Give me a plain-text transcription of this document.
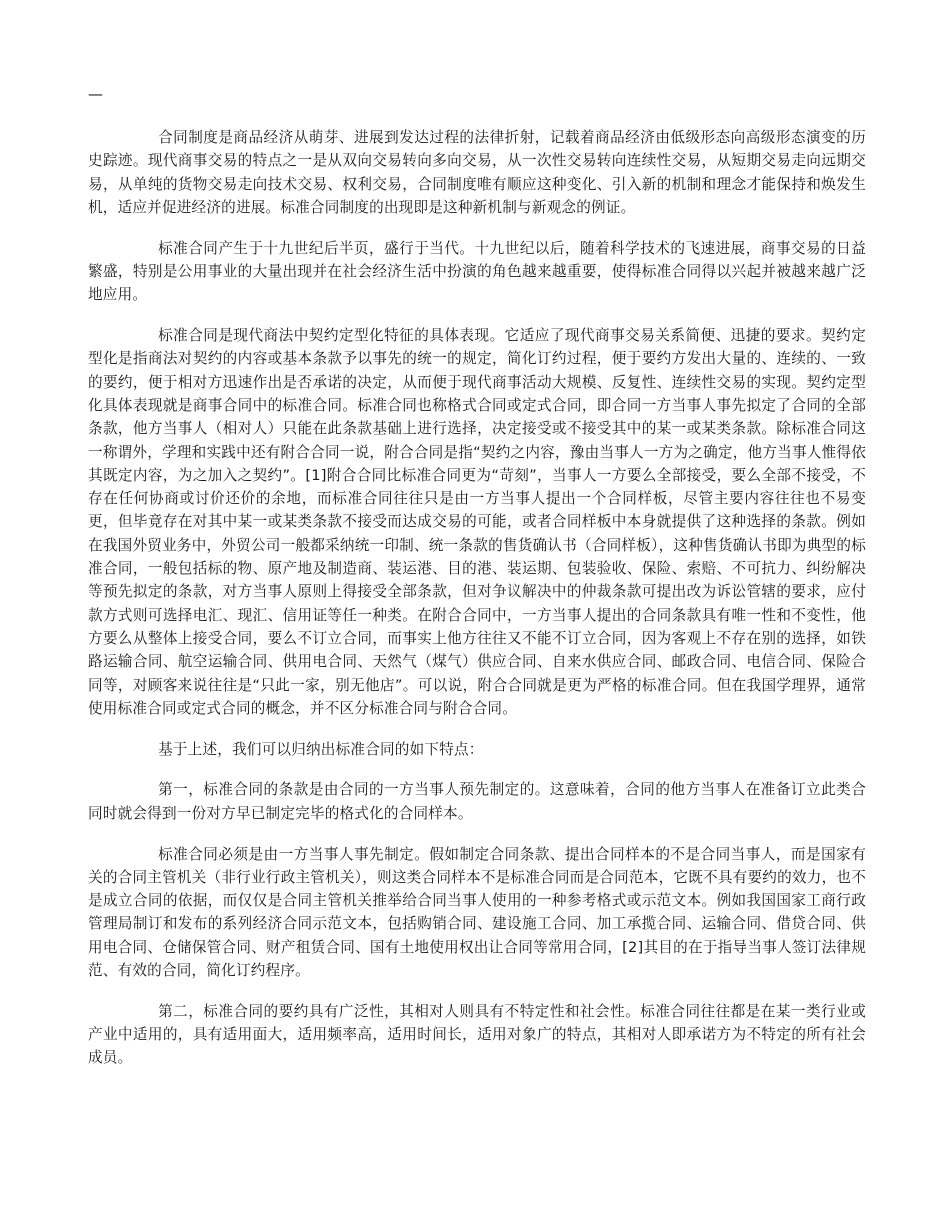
—

合同制度是商品经济从萌芽、进展到发达过程的法律折射，记载着商品经济由低级形态向高级形态演变的历史踪迹。现代商事交易的特点之一是从双向交易转向多向交易，从一次性交易转向连续性交易，从短期交易走向远期交易，从单纯的货物交易走向技术交易、权利交易，合同制度唯有顺应这种变化、引入新的机制和理念才能保持和焕发生机，适应并促进经济的进展。标准合同制度的出现即是这种新机制与新观念的例证。

标准合同产生于十九世纪后半页，盛行于当代。十九世纪以后，随着科学技术的飞速进展，商事交易的日益繁盛，特别是公用事业的大量出现并在社会经济生活中扮演的角色越来越重要，使得标准合同得以兴起并被越来越广泛地应用。

标准合同是现代商法中契约定型化特征的具体表现。它适应了现代商事交易关系简便、迅捷的要求。契约定型化是指商法对契约的内容或基本条款予以事先的统一的规定，简化订约过程，便于要约方发出大量的、连续的、一致的要约，便于相对方迅速作出是否承诺的决定，从而便于现代商事活动大规模、反复性、连续性交易的实现。契约定型化具体表现就是商事合同中的标准合同。标准合同也称格式合同或定式合同，即合同一方当事人事先拟定了合同的全部条款，他方当事人（相对人）只能在此条款基础上进行选择，决定接受或不接受其中的某一或某类条款。除标准合同这一称谓外，学理和实践中还有附合合同一说，附合合同是指“契约之内容，豫由当事人一方为之确定，他方当事人惟得依其既定内容，为之加入之契约”。[1]附合合同比标准合同更为“苛刻”，当事人一方要么全部接受，要么全部不接受，不存在任何协商或讨价还价的余地，而标准合同往往只是由一方当事人提出一个合同样板，尽管主要内容往往也不易变更，但毕竟存在对其中某一或某类条款不接受而达成交易的可能，或者合同样板中本身就提供了这种选择的条款。例如在我国外贸业务中，外贸公司一般都采纳统一印制、统一条款的售货确认书（合同样板），这种售货确认书即为典型的标准合同，一般包括标的物、原产地及制造商、装运港、目的港、装运期、包装验收、保险、索赔、不可抗力、纠纷解决等预先拟定的条款，对方当事人原则上得接受全部条款，但对争议解决中的仲裁条款可提出改为诉讼管辖的要求，应付款方式则可选择电汇、现汇、信用证等任一种类。在附合合同中，一方当事人提出的合同条款具有唯一性和不变性，他方要么从整体上接受合同，要么不订立合同，而事实上他方往往又不能不订立合同，因为客观上不存在别的选择，如铁路运输合同、航空运输合同、供用电合同、天然气（煤气）供应合同、自来水供应合同、邮政合同、电信合同、保险合同等，对顾客来说往往是“只此一家，别无他店”。可以说，附合合同就是更为严格的标准合同。但在我国学理界，通常使用标准合同或定式合同的概念，并不区分标准合同与附合合同。

基于上述，我们可以归纳出标准合同的如下特点：

第一，标准合同的条款是由合同的一方当事人预先制定的。这意味着，合同的他方当事人在准备订立此类合同时就会得到一份对方早已制定完毕的格式化的合同样本。

标准合同必须是由一方当事人事先制定。假如制定合同条款、提出合同样本的不是合同当事人，而是国家有关的合同主管机关（非行业行政主管机关），则这类合同样本不是标准合同而是合同范本，它既不具有要约的效力，也不是成立合同的依据，而仅仅是合同主管机关推举给合同当事人使用的一种参考格式或示范文本。例如我国国家工商行政管理局制订和发布的系列经济合同示范文本，包括购销合同、建设施工合同、加工承揽合同、运输合同、借贷合同、供用电合同、仓储保管合同、财产租赁合同、国有土地使用权出让合同等常用合同，[2]其目的在于指导当事人签订法律规范、有效的合同，简化订约程序。

第二，标准合同的要约具有广泛性，其相对人则具有不特定性和社会性。标准合同往往都是在某一类行业或产业中适用的，具有适用面大，适用频率高，适用时间长，适用对象广的特点，其相对人即承诺方为不特定的所有社会成员。
